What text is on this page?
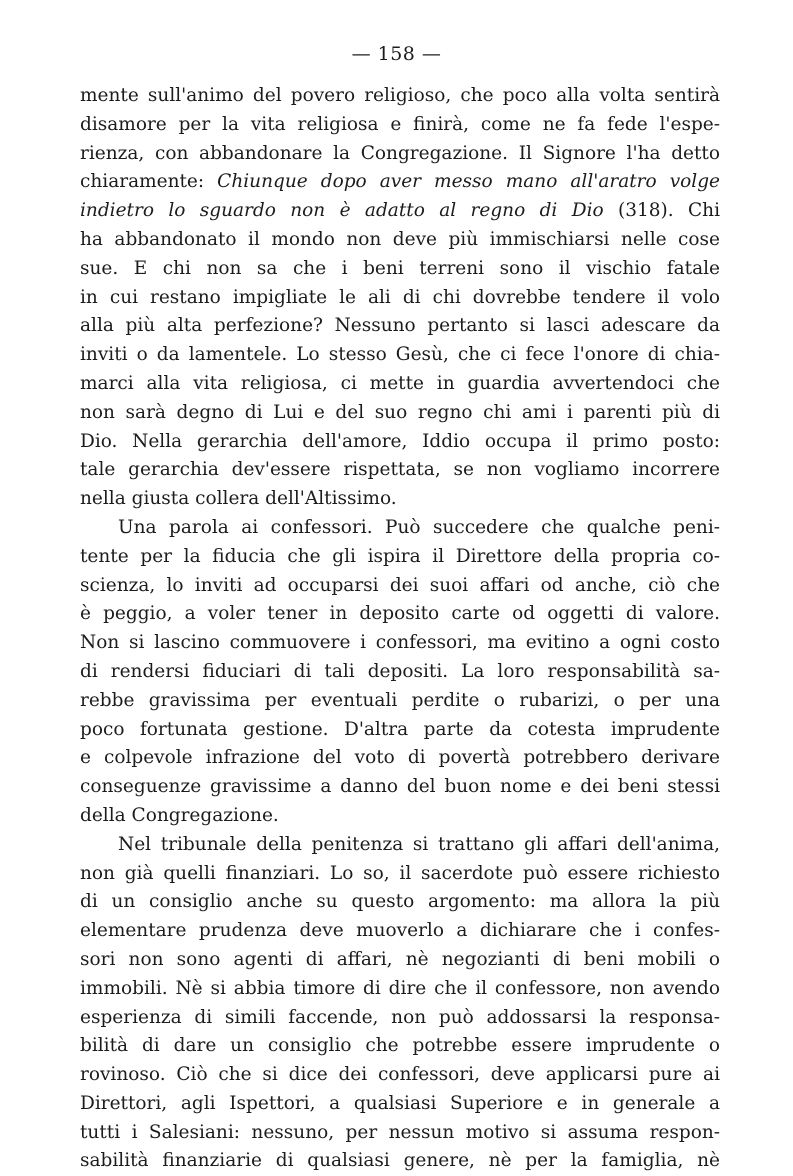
— 158 —
mente sull'animo del povero religioso, che poco alla volta sentirà
disamore per la vita religiosa e finirà, come ne fa fede l'espe-
rienza, con abbandonare la Congregazione. Il Signore l'ha detto
chiaramente: Chiunque dopo aver messo mano all'aratro volge
indietro lo sguardo non è adatto al regno di Dio (318). Chi
ha abbandonato il mondo non deve più immischiarsi nelle cose
sue. E chi non sa che i beni terreni sono il vischio fatale
in cui restano impigliate le ali di chi dovrebbe tendere il volo
alla più alta perfezione? Nessuno pertanto si lasci adescare da
inviti o da lamentele. Lo stesso Gesù, che ci fece l'onore di chia-
marci alla vita religiosa, ci mette in guardia avvertendoci che
non sarà degno di Lui e del suo regno chi ami i parenti più di
Dio. Nella gerarchia dell'amore, Iddio occupa il primo posto:
tale gerarchia dev'essere rispettata, se non vogliamo incorrere
nella giusta collera dell'Altissimo.
Una parola ai confessori. Può succedere che qualche peni-
tente per la fiducia che gli ispira il Direttore della propria co-
scienza, lo inviti ad occuparsi dei suoi affari od anche, ciò che
è peggio, a voler tener in deposito carte od oggetti di valore.
Non si lascino commuovere i confessori, ma evitino a ogni costo
di rendersi fiduciari di tali depositi. La loro responsabilità sa-
rebbe gravissima per eventuali perdite o rubarizi, o per una
poco fortunata gestione. D'altra parte da cotesta imprudente
e colpevole infrazione del voto di povertà potrebbero derivare
conseguenze gravissime a danno del buon nome e dei beni stessi
della Congregazione.
Nel tribunale della penitenza si trattano gli affari dell'anima,
non già quelli finanziari. Lo so, il sacerdote può essere richiesto
di un consiglio anche su questo argomento: ma allora la più
elementare prudenza deve muoverlo a dichiarare che i confes-
sori non sono agenti di affari, nè negozianti di beni mobili o
immobili. Nè si abbia timore di dire che il confessore, non avendo
esperienza di simili faccende, non può addossarsi la responsa-
bilità di dare un consiglio che potrebbe essere imprudente o
rovinoso. Ciò che si dice dei confessori, deve applicarsi pure ai
Direttori, agli Ispettori, a qualsiasi Superiore e in generale a
tutti i Salesiani: nessuno, per nessun motivo si assuma respon-
sabilità finanziarie di qualsiasi genere, nè per la famiglia, nè
